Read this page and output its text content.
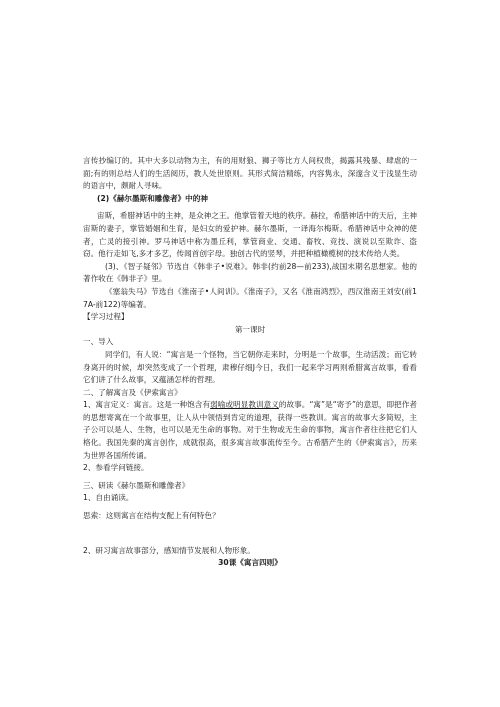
言传抄编订的。其中大多以动物为主，有的用财狼、狮子等比方人间权贵，揭露其残暴、肆虐的一面;有的则总结人们的生活阅历，教人处世原则。其形式简洁精练，内容隽永，深邃含义于浅显生动的语言中，颇耐人寻味。

(2)《赫尔墨斯和雕像者》中的神

宙斯，希腊神话中的主神，是众神之王。他掌管着天地的秩序。赫拉，希腊神话中的天后，主神宙斯的妻子，掌管婚姻和生育，是妇女的爱护神。赫尔墨斯，一译海尔梅斯。希腊神话中众神的使者，亡灵的接引神。罗马神话中称为墨丘利，掌管商业、交通、畜牧、竞技、演说以至欺诈、盗窃。他行走如飞,多才多艺，传闻首创字母。独创古代的竖琴，并把种植橄榄树的技术传给人类。

(3)、《智子疑邻》节选自《韩非子•说难》。韩非(约前28—前233),战国末期名思想家。他的著作收在《韩非子》里。

《塞翁失马》节选自《淮南子•人间训》。《淮南子》，又名《淮南鸿烈》，西汉淮南王刘安(前17A-前122)等编著。

【学习过程】

第一课时

一、导入

同学们，有人说：“寓言是一个怪物，当它朝你走来时，分明是一个故事，生动活泼；而它转身离开的时候，却突然变成了一个哲理，肃穆仔细J今日，我们一起来学习两则希腊寓言故事，看看它们讲了什么故事，又蕴涵怎样的哲理。

二、了解寓言及《伊索寓言》

1、寓言定义：寓言。这是一种饱含有弱喻或明显教训意义的故事。“寓”是“寄予”的意思，即把作者的思想寄寓在一个故事里，让人从中领悟到肯定的道理，获得一些教训。寓言的故事大多简短，主子公可以是人、生物，也可以是无生命的事物。对于生物或无生命的事物，寓言作者往往把它们人格化。我国先秦的寓言创作，成就很高，很多寓言故事流传至今。古希腊产生的《伊索寓言》，历来为世界各国所传诵。

2、参看学问链接。

三、研读《赫尔墨斯和雕像者》

1、自由诵读。

思索：这则寓言在结构支配上有何特色？

2、研习寓言故事部分，感知情节发展和人物形象。

30课《寓言四则》
